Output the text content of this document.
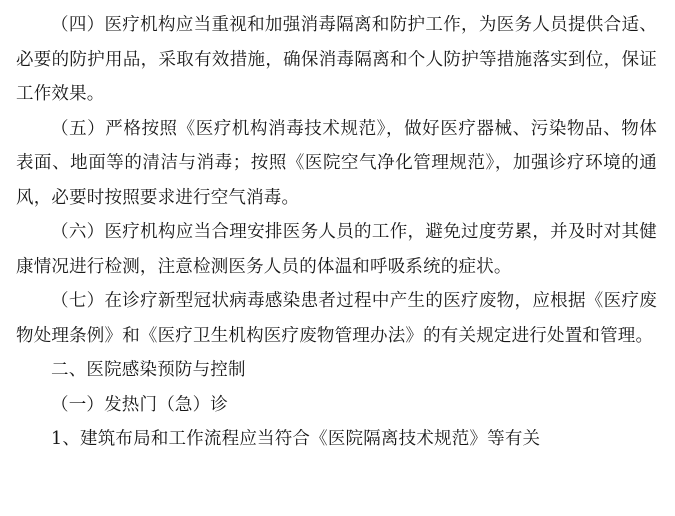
（四）医疗机构应当重视和加强消毒隔离和防护工作，为医务人员提供合适、必要的防护用品，采取有效措施，确保消毒隔离和个人防护等措施落实到位，保证工作效果。

（五）严格按照《医疗机构消毒技术规范》，做好医疗器械、污染物品、物体表面、地面等的清洁与消毒；按照《医院空气净化管理规范》，加强诊疗环境的通风，必要时按照要求进行空气消毒。

（六）医疗机构应当合理安排医务人员的工作，避免过度劳累，并及时对其健康情况进行检测，注意检测医务人员的体温和呼吸系统的症状。

（七）在诊疗新型冠状病毒感染患者过程中产生的医疗废物，应根据《医疗废物处理条例》和《医疗卫生机构医疗废物管理办法》的有关规定进行处置和管理。

二、医院感染预防与控制

（一）发热门（急）诊

1、建筑布局和工作流程应当符合《医院隔离技术规范》等有关
